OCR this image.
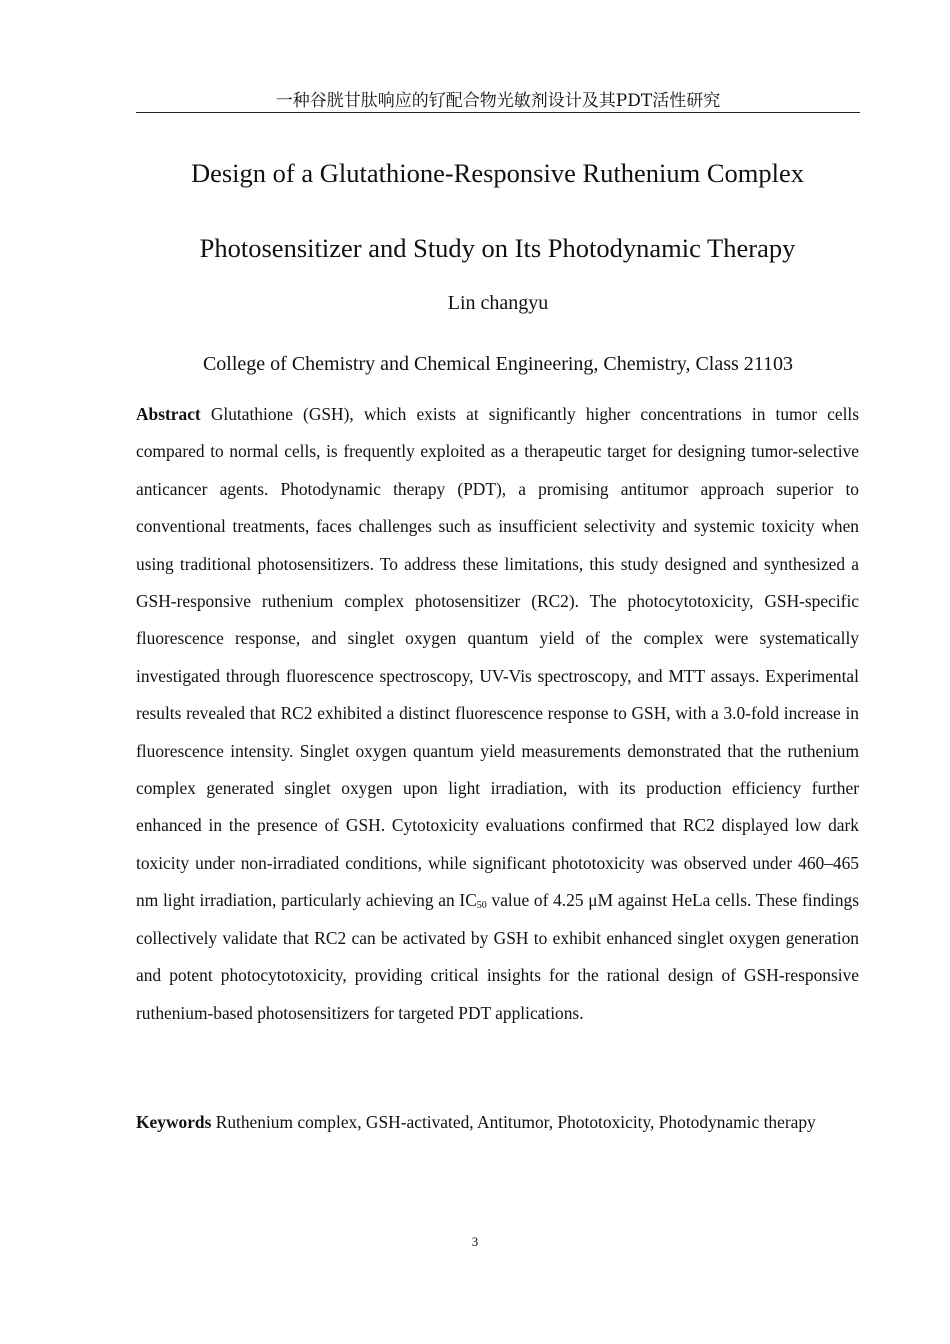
一种谷胱甘肽响应的钌配合物光敏剂设计及其PDT活性研究
Design of a Glutathione-Responsive Ruthenium Complex
Photosensitizer and Study on Its Photodynamic Therapy
Lin changyu
College of Chemistry and Chemical Engineering, Chemistry, Class 21103

Abstract Glutathione (GSH), which exists at significantly higher concentrations in tumor cells compared to normal cells, is frequently exploited as a therapeutic target for designing tumor-selective anticancer agents. Photodynamic therapy (PDT), a promising antitumor approach superior to conventional treatments, faces challenges such as insufficient selectivity and systemic toxicity when using traditional photosensitizers. To address these limitations, this study designed and synthesized a GSH-responsive ruthenium complex photosensitizer (RC2). The photocytotoxicity, GSH-specific fluorescence response, and singlet oxygen quantum yield of the complex were systematically investigated through fluorescence spectroscopy, UV-Vis spectroscopy, and MTT assays. Experimental results revealed that RC2 exhibited a distinct fluorescence response to GSH, with a 3.0-fold increase in fluorescence intensity. Singlet oxygen quantum yield measurements demonstrated that the ruthenium complex generated singlet oxygen upon light irradiation, with its production efficiency further enhanced in the presence of GSH. Cytotoxicity evaluations confirmed that RC2 displayed low dark toxicity under non-irradiated conditions, while significant phototoxicity was observed under 460–465 nm light irradiation, particularly achieving an $IC_{50}$ value of 4.25 μM against HeLa cells. These findings collectively validate that RC2 can be activated by GSH to exhibit enhanced singlet oxygen generation and potent photocytotoxicity, providing critical insights for the rational design of GSH-responsive ruthenium-based photosensitizers for targeted PDT applications.

Keywords Ruthenium complex, GSH-activated, Antitumor, Phototoxicity, Photodynamic therapy

3
